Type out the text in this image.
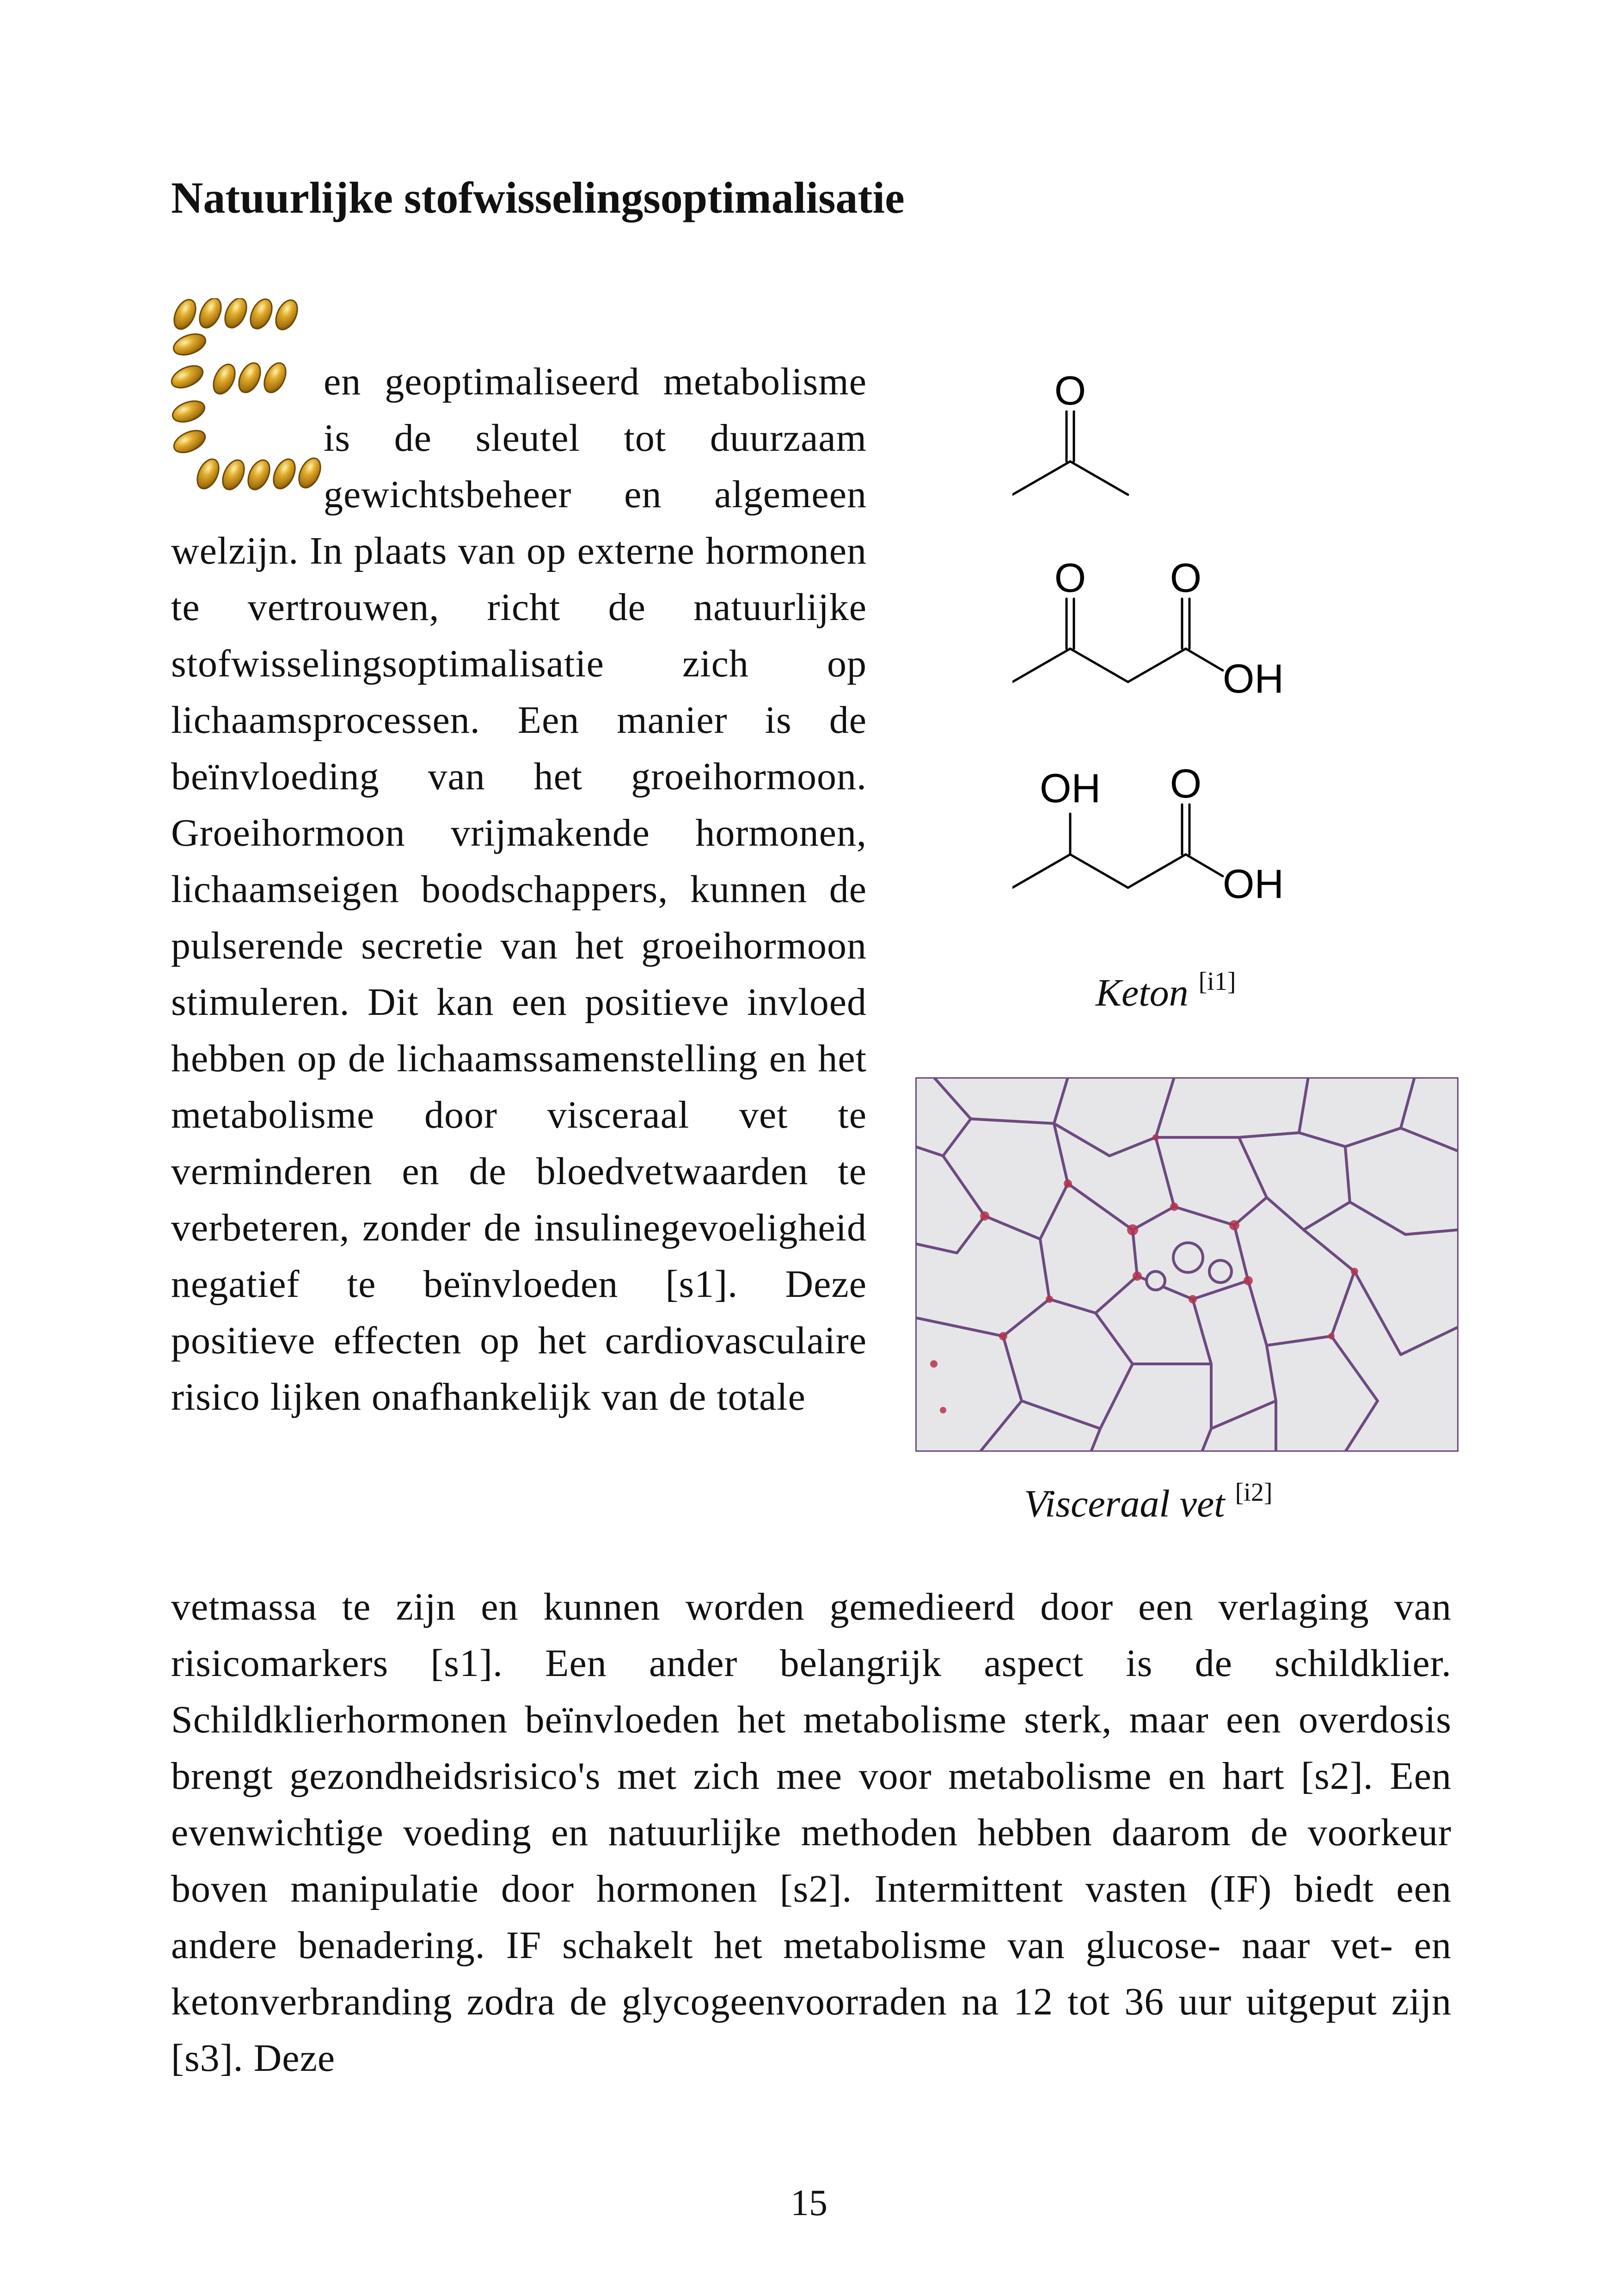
Natuurlijke stofwisselingsoptimalisatie

en geoptimaliseerd metabolisme is de sleutel tot duurzaam gewichtsbeheer en algemeen welzijn. In plaats van op externe hormonen te vertrouwen, richt de natuurlijke stofwisselingsoptimalisatie zich op lichaamsprocessen. Een manier is de beïnvloeding van het groeihormoon. Groeihormoon vrijmakende hormonen, lichaamseigen boodschappers, kunnen de pulserende secretie van het groeihormoon stimuleren. Dit kan een positieve invloed hebben op de lichaamssamenstelling en het metabolisme door visceraal vet te verminderen en de bloedvetwaarden te verbeteren, zonder de insulinegevoeligheid negatief te beïnvloeden [s1]. Deze positieve effecten op het cardiovasculaire risico lijken onafhankelijk van de totale

O
O O
OH
OH O
OH
Keton [i1]
Visceraal vet [i2]

vetmassa te zijn en kunnen worden gemedieerd door een verlaging van risicomarkers [s1]. Een ander belangrijk aspect is de schildklier. Schildklierhormonen beïnvloeden het metabolisme sterk, maar een overdosis brengt gezondheidsrisico's met zich mee voor metabolisme en hart [s2]. Een evenwichtige voeding en natuurlijke methoden hebben daarom de voorkeur boven manipulatie door hormonen [s2]. Intermittent vasten (IF) biedt een andere benadering. IF schakelt het metabolisme van glucose- naar vet- en ketonverbranding zodra de glycogeenvoorraden na 12 tot 36 uur uitgeput zijn [s3]. Deze

15
